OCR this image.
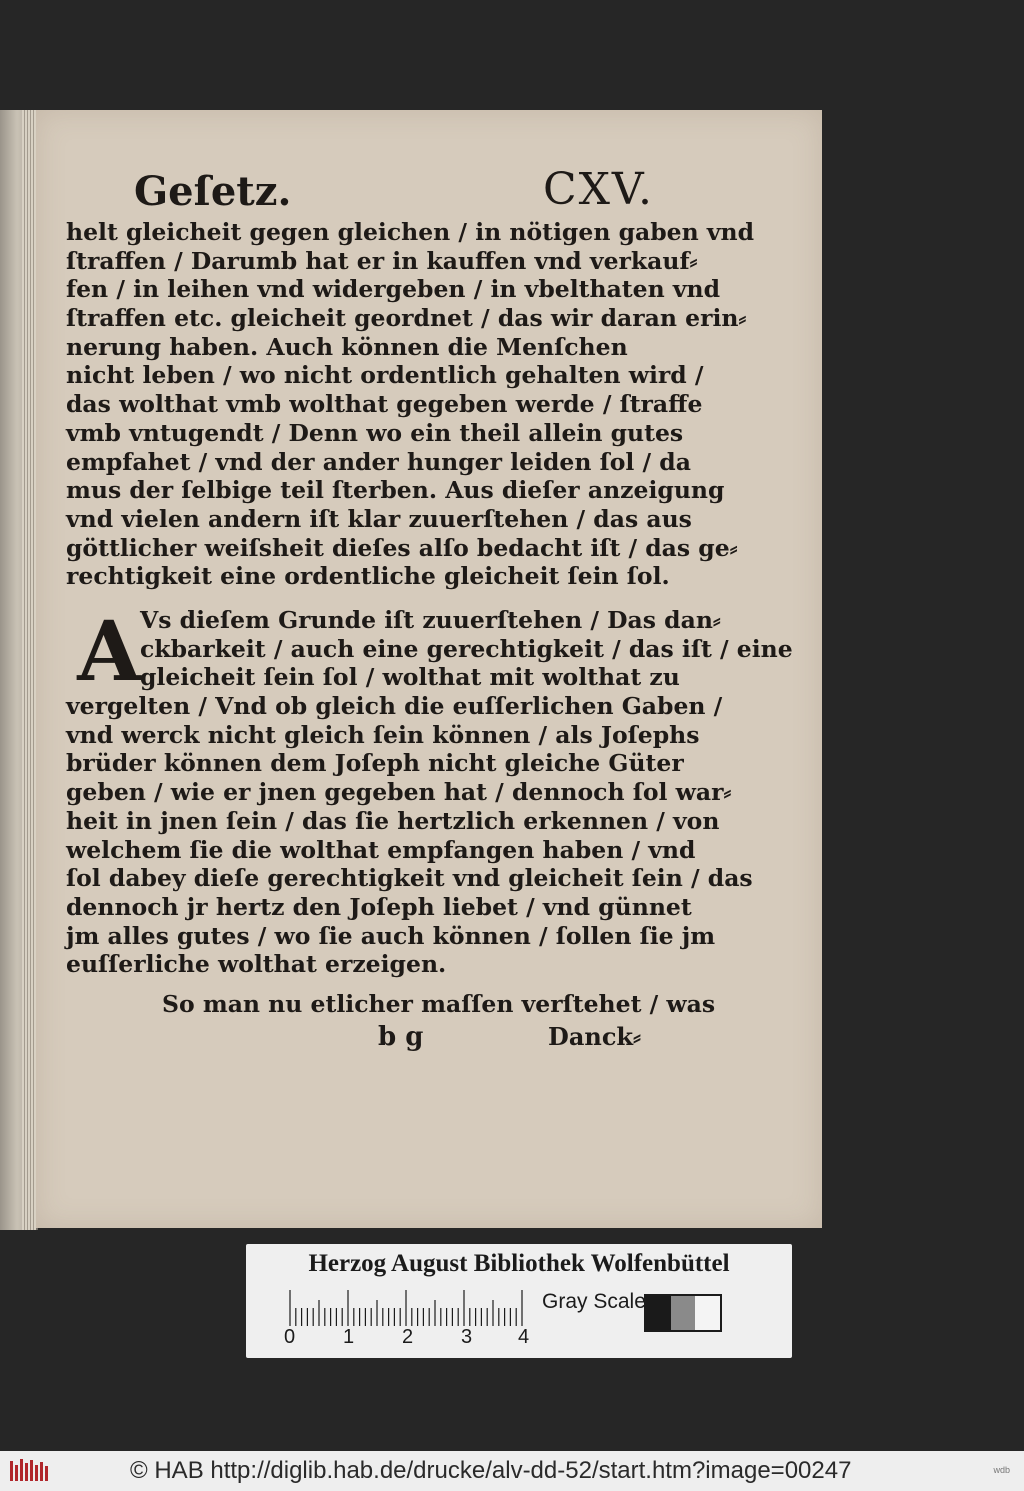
Geſetz.	CXV.
helt gleicheit gegen gleichen / in nötigen gaben vnd
ſtraffen / Darumb hat er in kauffen vnd verkauf⸗
fen / in leihen vnd widergeben / in vbelthaten vnd
ſtraffen etc. gleicheit geordnet / das wir daran erin⸗
nerung haben. Auch können die Menſchen
nicht leben / wo nicht ordentlich gehalten wird /
das wolthat vmb wolthat gegeben werde / ſtraffe
vmb vntugendt / Denn wo ein theil allein gutes
empfahet / vnd der ander hunger leiden ſol / da
mus der ſelbige teil ſterben. Aus dieſer anzeigung
vnd vielen andern iſt klar zuuerſtehen / das aus
göttlicher weiſsheit dieſes alſo bedacht iſt / das ge⸗
rechtigkeit eine ordentliche gleicheit ſein ſol.
A Vs dieſem Grunde iſt zuuerſtehen / Das dan⸗
ckbarkeit / auch eine gerechtigkeit / das iſt / eine
gleicheit ſein ſol / wolthat mit wolthat zu
vergelten / Vnd ob gleich die euſſerlichen Gaben /
vnd werck nicht gleich ſein können / als Joſephs
brüder können dem Joſeph nicht gleiche Güter
geben / wie er jnen gegeben hat / dennoch ſol war⸗
heit in jnen ſein / das ſie hertzlich erkennen / von
welchem ſie die wolthat empfangen haben / vnd
ſol dabey dieſe gerechtigkeit vnd gleicheit ſein / das
dennoch jr hertz den Joſeph liebet / vnd günnet
jm alles gutes / wo ſie auch können / ſollen ſie jm
euſſerliche wolthat erzeigen.
So man nu etlicher maſſen verſtehet / was
b g	Danck⸗
Herzog August Bibliothek Wolfenbüttel
0 1 2 3 4
Gray Scale
© HAB http://diglib.hab.de/drucke/alv-dd-52/start.htm?image=00247	wdb
